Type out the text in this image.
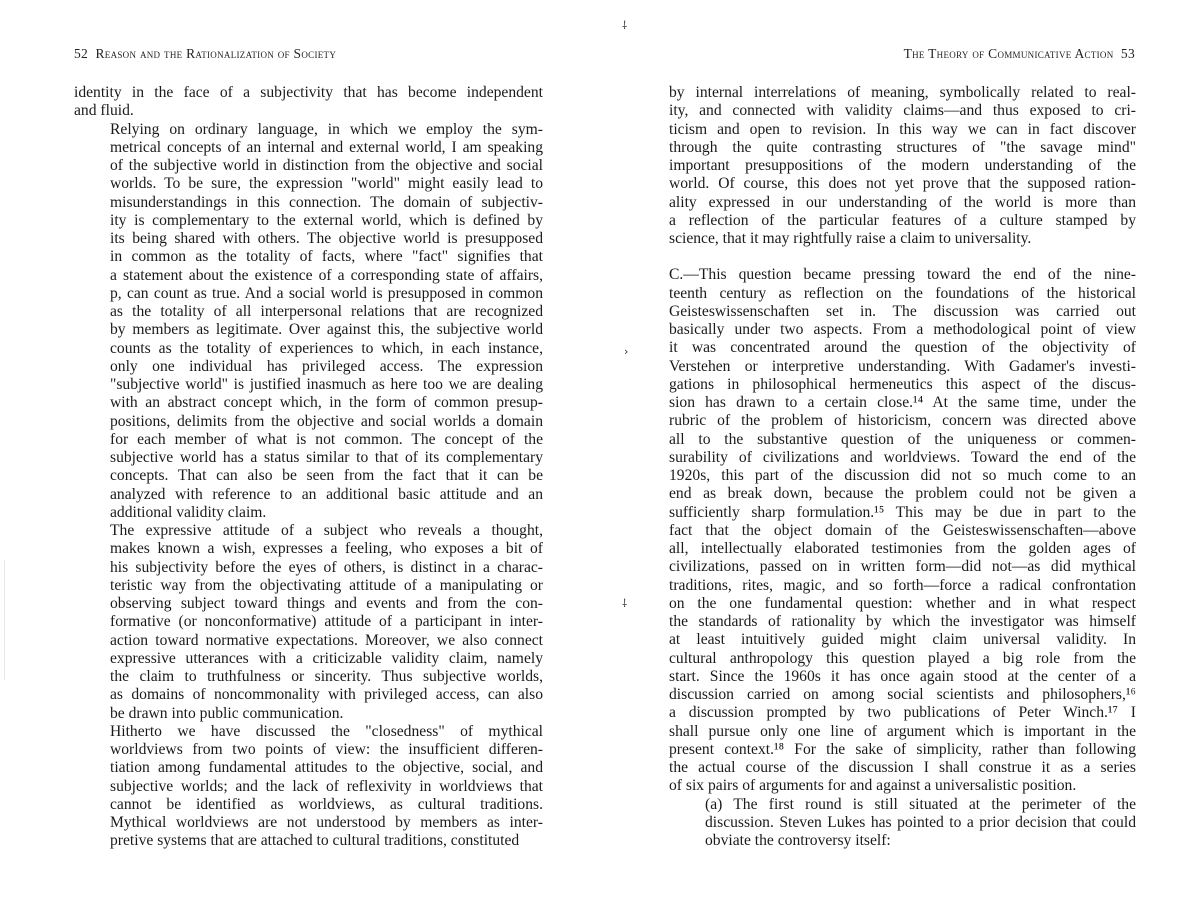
52 Reason and the Rationalization of Society

identity in the face of a subjectivity that has become independent
and fluid.

Relying on ordinary language, in which we employ the sym-
metrical concepts of an internal and external world, I am speaking
of the subjective world in distinction from the objective and social
worlds. To be sure, the expression "world" might easily lead to
misunderstandings in this connection. The domain of subjectiv-
ity is complementary to the external world, which is defined by
its being shared with others. The objective world is presupposed
in common as the totality of facts, where "fact" signifies that
a statement about the existence of a corresponding state of affairs,
p, can count as true. And a social world is presupposed in common
as the totality of all interpersonal relations that are recognized
by members as legitimate. Over against this, the subjective world
counts as the totality of experiences to which, in each instance,
only one individual has privileged access. The expression
"subjective world" is justified inasmuch as here too we are dealing
with an abstract concept which, in the form of common presup-
positions, delimits from the objective and social worlds a domain
for each member of what is not common. The concept of the
subjective world has a status similar to that of its complementary
concepts. That can also be seen from the fact that it can be
analyzed with reference to an additional basic attitude and an
additional validity claim.

The expressive attitude of a subject who reveals a thought,
makes known a wish, expresses a feeling, who exposes a bit of
his subjectivity before the eyes of others, is distinct in a charac-
teristic way from the objectivating attitude of a manipulating or
observing subject toward things and events and from the con-
formative (or nonconformative) attitude of a participant in inter-
action toward normative expectations. Moreover, we also connect
expressive utterances with a criticizable validity claim, namely
the claim to truthfulness or sincerity. Thus subjective worlds,
as domains of noncommonality with privileged access, can also
be drawn into public communication.

Hitherto we have discussed the "closedness" of mythical
worldviews from two points of view: the insufficient differen-
tiation among fundamental attitudes to the objective, social, and
subjective worlds; and the lack of reflexivity in worldviews that
cannot be identified as worldviews, as cultural traditions.
Mythical worldviews are not understood by members as inter-
pretive systems that are attached to cultural traditions, constituted

The Theory of Communicative Action 53

by internal interrelations of meaning, symbolically related to real-
ity, and connected with validity claims—and thus exposed to cri-
ticism and open to revision. In this way we can in fact discover
through the quite contrasting structures of "the savage mind"
important presuppositions of the modern understanding of the
world. Of course, this does not yet prove that the supposed ration-
ality expressed in our understanding of the world is more than
a reflection of the particular features of a culture stamped by
science, that it may rightfully raise a claim to universality.

C.—This question became pressing toward the end of the nine-
teenth century as reflection on the foundations of the historical
Geisteswissenschaften set in. The discussion was carried out
basically under two aspects. From a methodological point of view
it was concentrated around the question of the objectivity of
Verstehen or interpretive understanding. With Gadamer's investi-
gations in philosophical hermeneutics this aspect of the discus-
sion has drawn to a certain close.¹⁴ At the same time, under the
rubric of the problem of historicism, concern was directed above
all to the substantive question of the uniqueness or commen-
surability of civilizations and worldviews. Toward the end of the
1920s, this part of the discussion did not so much come to an
end as break down, because the problem could not be given a
sufficiently sharp formulation.¹⁵ This may be due in part to the
fact that the object domain of the Geisteswissenschaften—above
all, intellectually elaborated testimonies from the golden ages of
civilizations, passed on in written form—did not—as did mythical
traditions, rites, magic, and so forth—force a radical confrontation
on the one fundamental question: whether and in what respect
the standards of rationality by which the investigator was himself
at least intuitively guided might claim universal validity. In
cultural anthropology this question played a big role from the
start. Since the 1960s it has once again stood at the center of a
discussion carried on among social scientists and philosophers,¹⁶
a discussion prompted by two publications of Peter Winch.¹⁷ I
shall pursue only one line of argument which is important in the
present context.¹⁸ For the sake of simplicity, rather than following
the actual course of the discussion I shall construe it as a series
of six pairs of arguments for and against a universalistic position.

(a) The first round is still situated at the perimeter of the
discussion. Steven Lukes has pointed to a prior decision that could
obviate the controversy itself:

⸸
›
⸸
